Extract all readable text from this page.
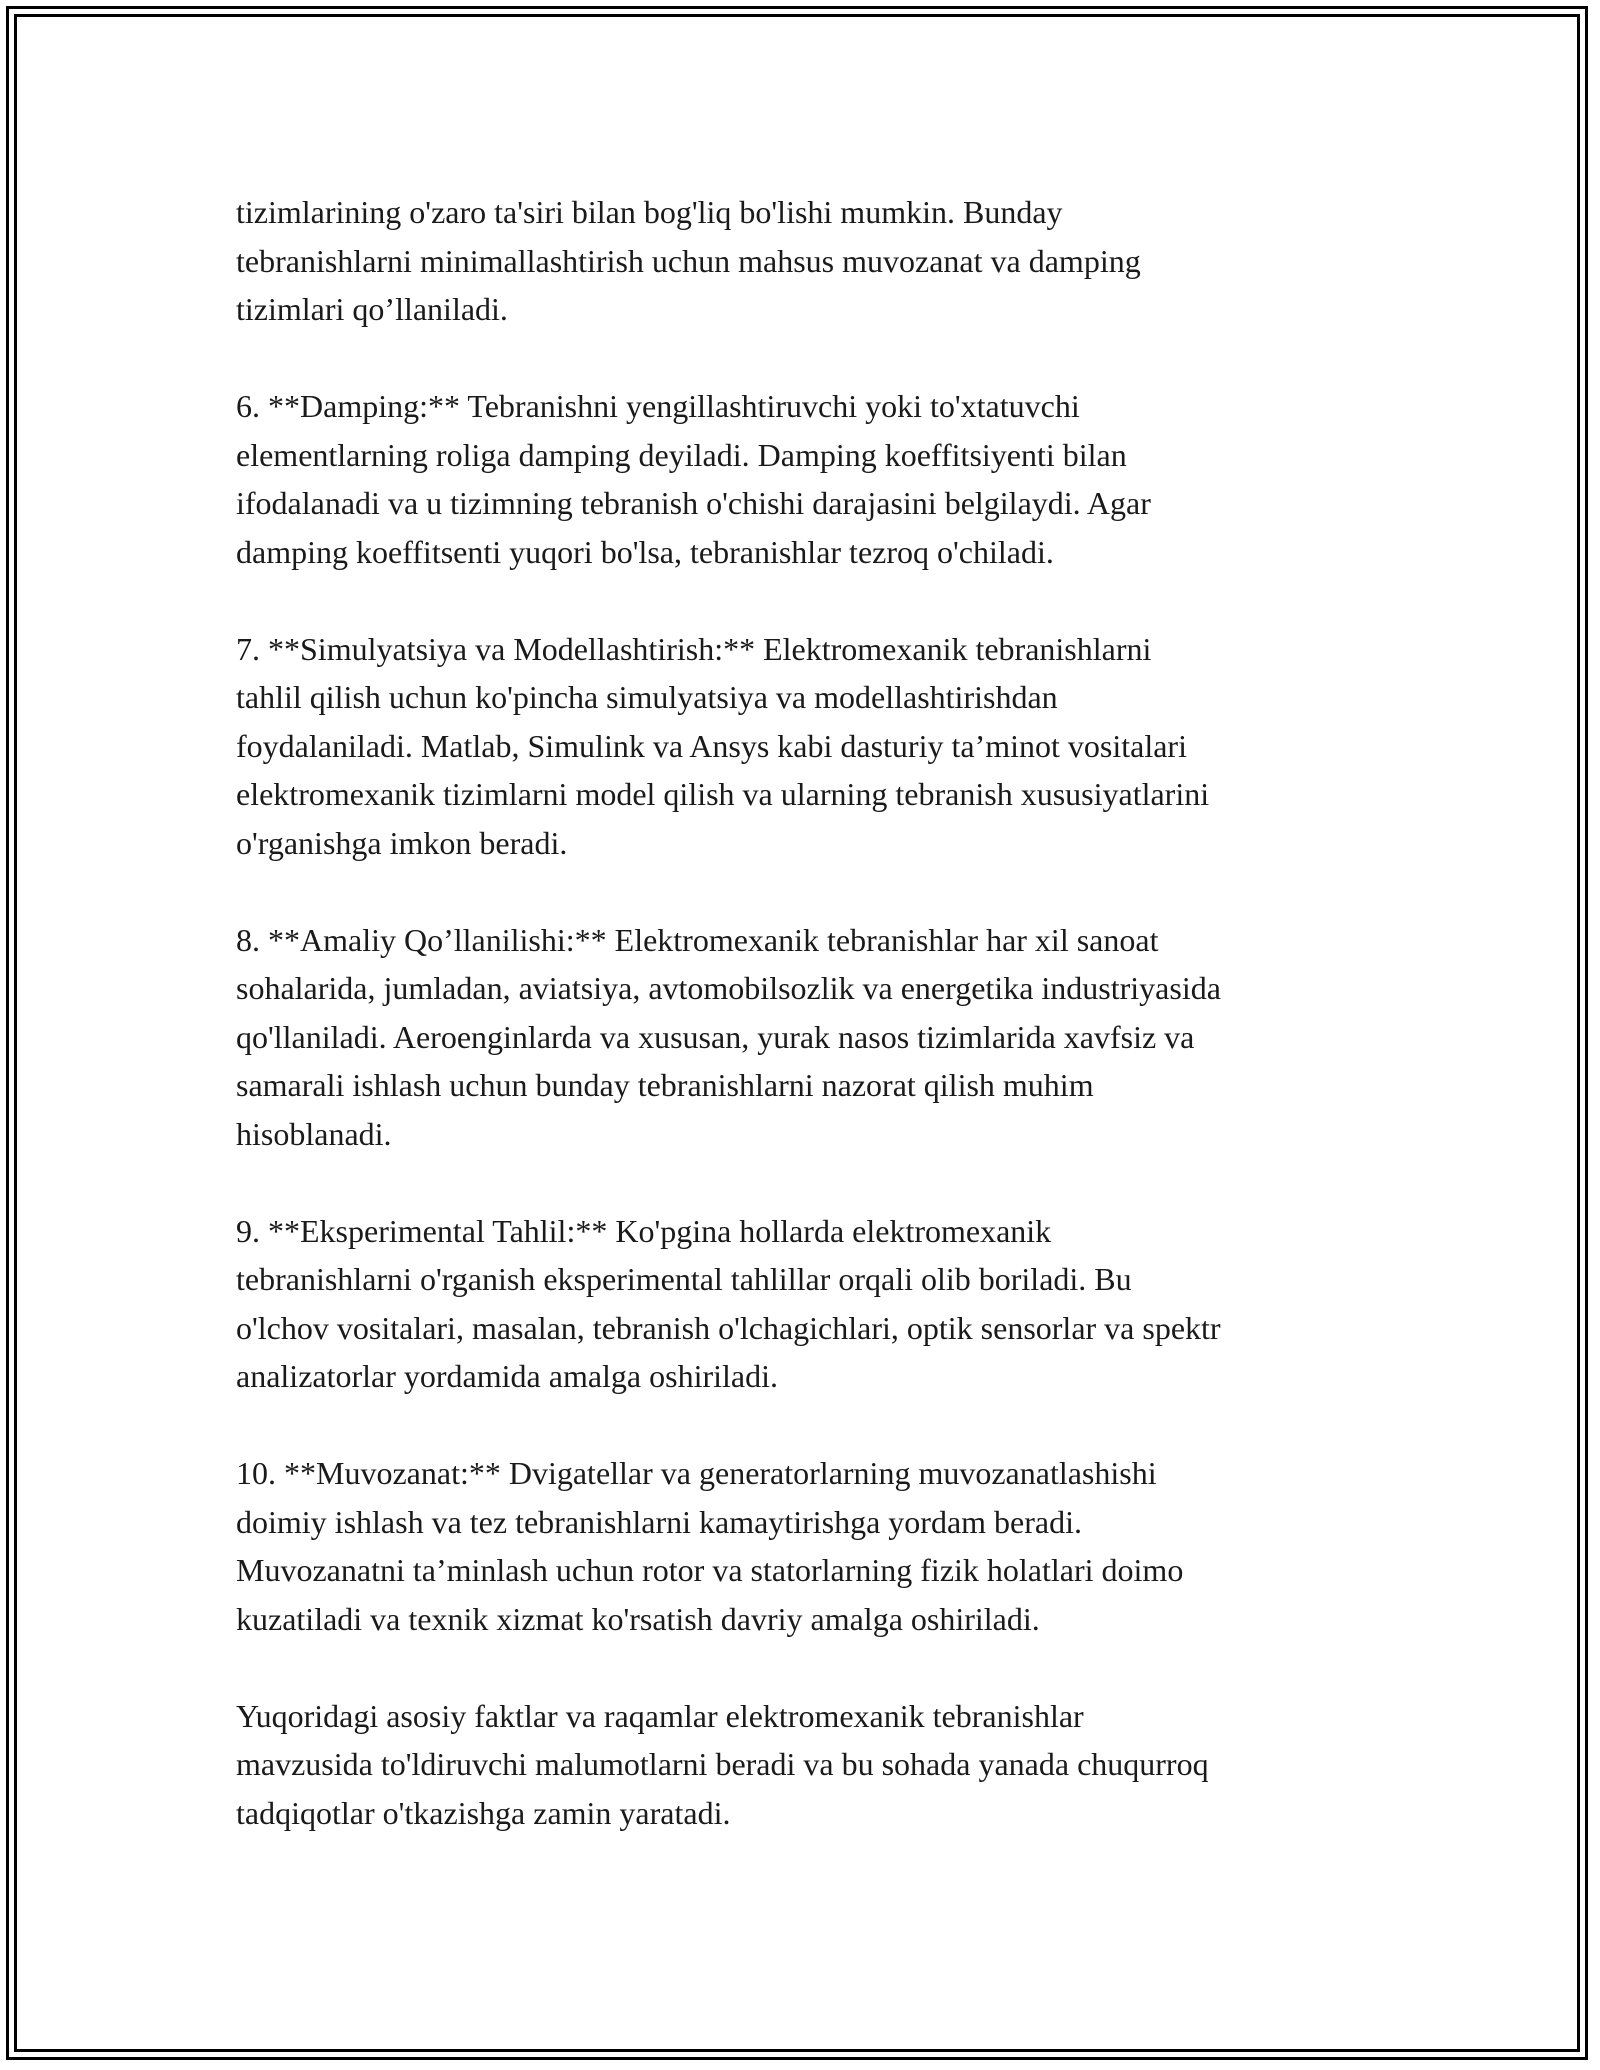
tizimlarining o'zaro ta'siri bilan bog'liq bo'lishi mumkin. Bunday
tebranishlarni minimallashtirish uchun mahsus muvozanat va damping
tizimlari qo’llaniladi.

6. **Damping:** Tebranishni yengillashtiruvchi yoki to'xtatuvchi
elementlarning roliga damping deyiladi. Damping koeffitsiyenti bilan
ifodalanadi va u tizimning tebranish o'chishi darajasini belgilaydi. Agar
damping koeffitsenti yuqori bo'lsa, tebranishlar tezroq o'chiladi.

7. **Simulyatsiya va Modellashtirish:** Elektromexanik tebranishlarni
tahlil qilish uchun ko'pincha simulyatsiya va modellashtirishdan
foydalaniladi. Matlab, Simulink va Ansys kabi dasturiy ta’minot vositalari
elektromexanik tizimlarni model qilish va ularning tebranish xususiyatlarini
o'rganishga imkon beradi.

8. **Amaliy Qo’llanilishi:** Elektromexanik tebranishlar har xil sanoat
sohalarida, jumladan, aviatsiya, avtomobilsozlik va energetika industriyasida
qo'llaniladi. Aeroenginlarda va xususan, yurak nasos tizimlarida xavfsiz va
samarali ishlash uchun bunday tebranishlarni nazorat qilish muhim
hisoblanadi.

9. **Eksperimental Tahlil:** Ko'pgina hollarda elektromexanik
tebranishlarni o'rganish eksperimental tahlillar orqali olib boriladi. Bu
o'lchov vositalari, masalan, tebranish o'lchagichlari, optik sensorlar va spektr
analizatorlar yordamida amalga oshiriladi.

10. **Muvozanat:** Dvigatellar va generatorlarning muvozanatlashishi
doimiy ishlash va tez tebranishlarni kamaytirishga yordam beradi.
Muvozanatni ta’minlash uchun rotor va statorlarning fizik holatlari doimo
kuzatiladi va texnik xizmat ko'rsatish davriy amalga oshiriladi.

Yuqoridagi asosiy faktlar va raqamlar elektromexanik tebranishlar
mavzusida to'ldiruvchi malumotlarni beradi va bu sohada yanada chuqurroq
tadqiqotlar o'tkazishga zamin yaratadi.
